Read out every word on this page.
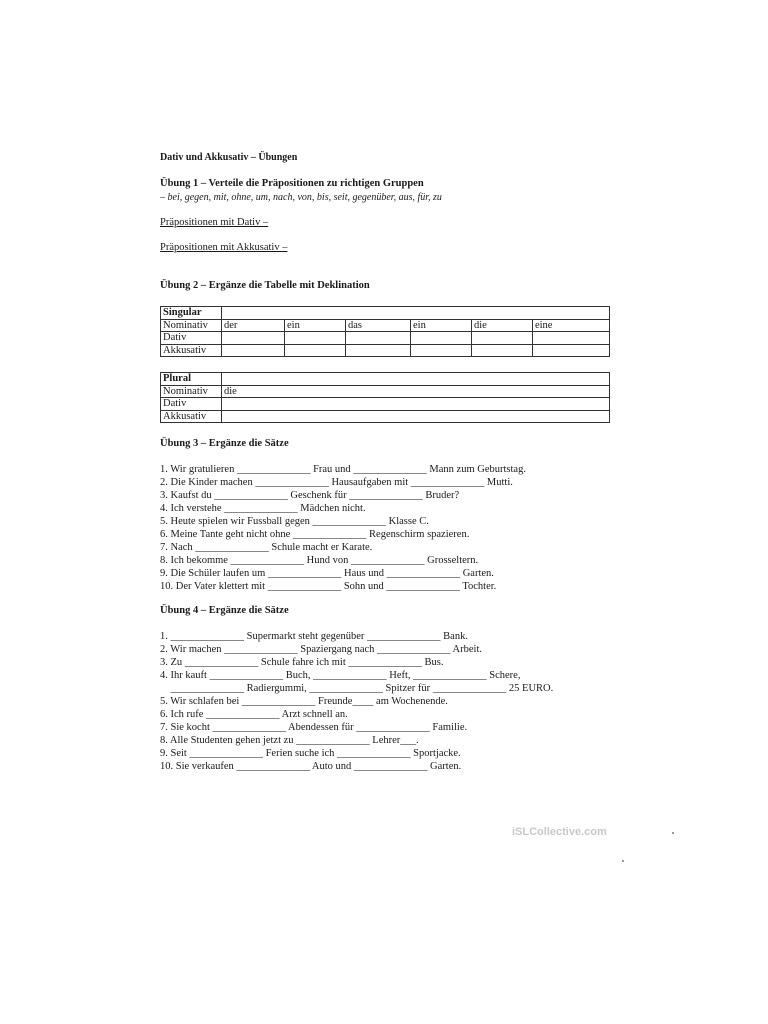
Dativ und Akkusativ – Übungen
Übung 1 – Verteile die Präpositionen zu richtigen Gruppen
– bei, gegen, mit, ohne, um, nach, von, bis, seit, gegenüber, aus, für, zu
Präpositionen mit Dativ –
Präpositionen mit Akkusativ –
Übung 2 – Ergänze die Tabelle mit Deklination
Singular						
Nominativ	der	ein	das	ein	die	eine
Dativ						
Akkusativ						
Plural	
Nominativ	die
Dativ	
Akkusativ	
Übung 3 – Ergänze die Sätze
1. Wir gratulieren ______________ Frau und ______________ Mann zum Geburtstag.
2. Die Kinder machen ______________ Hausaufgaben mit ______________ Mutti.
3. Kaufst du ______________ Geschenk für ______________ Bruder?
4. Ich verstehe ______________ Mädchen nicht.
5. Heute spielen wir Fussball gegen ______________ Klasse C.
6. Meine Tante geht nicht ohne ______________ Regenschirm spazieren.
7. Nach ______________ Schule macht er Karate.
8. Ich bekomme ______________ Hund von ______________ Grosseltern.
9. Die Schüler laufen um ______________ Haus und ______________ Garten.
10. Der Vater klettert mit ______________ Sohn und ______________ Tochter.
Übung 4 – Ergänze die Sätze
1. ______________ Supermarkt steht gegenüber ______________ Bank.
2. Wir machen ______________ Spaziergang nach ______________ Arbeit.
3. Zu ______________ Schule fahre ich mit ______________ Bus.
4. Ihr kauft ______________ Buch, ______________ Heft, ______________ Schere,
______________ Radiergummi, ______________ Spitzer für ______________ 25 EURO.
5. Wir schlafen bei ______________ Freunde____ am Wochenende.
6. Ich rufe ______________ Arzt schnell an.
7. Sie kocht ______________ Abendessen für ______________ Familie.
8. Alle Studenten gehen jetzt zu ______________ Lehrer___.
9. Seit ______________ Ferien suche ich ______________ Sportjacke.
10. Sie verkaufen ______________ Auto und ______________ Garten.
iSLCollective.com
